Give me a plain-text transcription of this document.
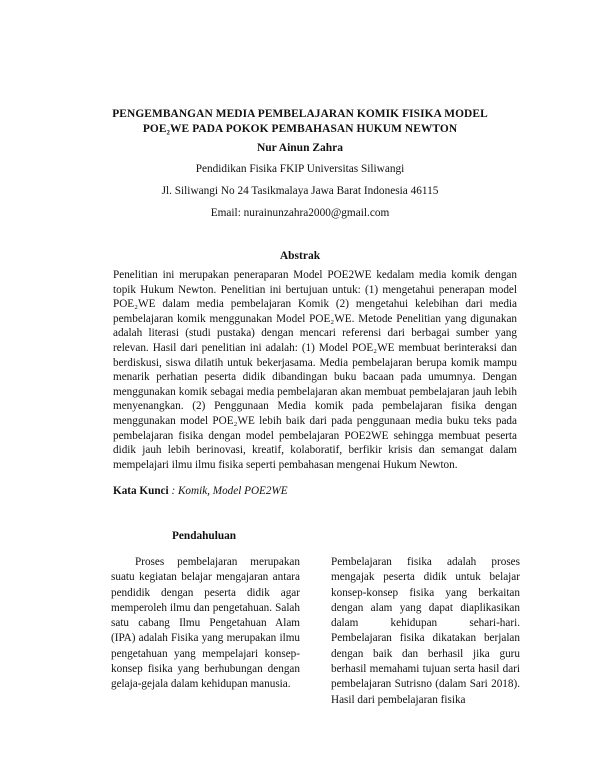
PENGEMBANGAN MEDIA PEMBELAJARAN KOMIK FISIKA MODEL
POE₂WE PADA POKOK PEMBAHASAN HUKUM NEWTON
Nur Ainun Zahra
Pendidikan Fisika FKIP Universitas Siliwangi
Jl. Siliwangi No 24 Tasikmalaya Jawa Barat Indonesia 46115
Email: nurainunzahra2000@gmail.com
Abstrak
Penelitian ini merupakan peneraparan Model POE2WE kedalam media komik dengan topik Hukum Newton. Penelitian ini bertujuan untuk: (1) mengetahui penerapan model POE₂WE dalam media pembelajaran Komik (2) mengetahui kelebihan dari media pembelajaran komik menggunakan Model POE₂WE. Metode Penelitian yang digunakan adalah literasi (studi pustaka) dengan mencari referensi dari berbagai sumber yang relevan. Hasil dari penelitian ini adalah: (1) Model POE₂WE membuat berinteraksi dan berdiskusi, siswa dilatih untuk bekerjasama. Media pembelajaran berupa komik mampu menarik perhatian peserta didik dibandingan buku bacaan pada umumnya. Dengan menggunakan komik sebagai media pembelajaran akan membuat pembelajaran jauh lebih menyenangkan. (2) Penggunaan Media komik pada pembelajaran fisika dengan menggunakan model POE₂WE lebih baik dari pada penggunaan media buku teks pada pembelajaran fisika dengan model pembelajaran POE2WE sehingga membuat peserta didik jauh lebih berinovasi, kreatif, kolaboratif, berfikir krisis dan semangat dalam mempelajari ilmu ilmu fisika seperti pembahasan mengenai Hukum Newton.
Kata Kunci : Komik, Model POE2WE
Pendahuluan
Proses pembelajaran merupakan suatu kegiatan belajar mengajaran antara pendidik dengan peserta didik agar memperoleh ilmu dan pengetahuan. Salah satu cabang Ilmu Pengetahuan Alam (IPA) adalah Fisika yang merupakan ilmu pengetahuan yang mempelajari konsep-konsep fisika yang berhubungan dengan gelaja-gejala dalam kehidupan manusia.
Pembelajaran fisika adalah proses mengajak peserta didik untuk belajar konsep-konsep fisika yang berkaitan dengan alam yang dapat diaplikasikan dalam kehidupan sehari-hari. Pembelajaran fisika dikatakan berjalan dengan baik dan berhasil jika guru berhasil memahami tujuan serta hasil dari pembelajaran Sutrisno (dalam Sari 2018). Hasil dari pembelajaran fisika
